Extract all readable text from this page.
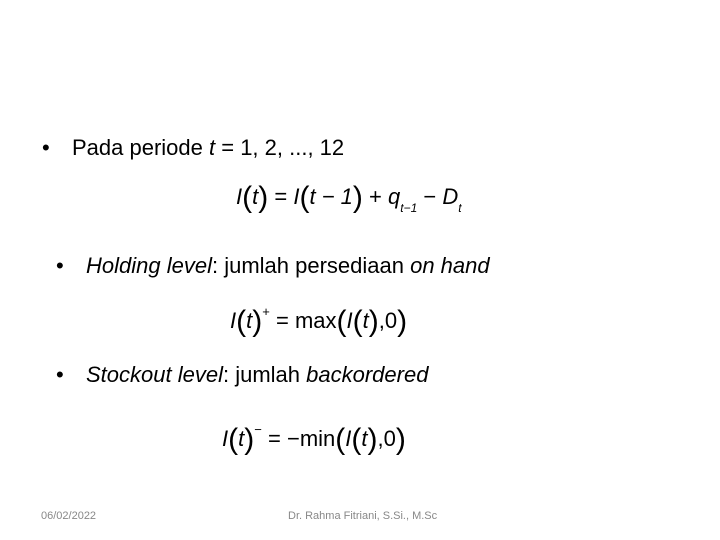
• Pada periode t = 1, 2, ..., 12
$I(t) = I(t - 1) + q_{t-1} - D_t$
• Holding level: jumlah persediaan on hand
I(t)+ = max(I(t),0)
• Stockout level: jumlah backordered
I(t)− = −min(I(t),0)
06/02/2022	Dr. Rahma Fitriani, S.Si., M.Sc
